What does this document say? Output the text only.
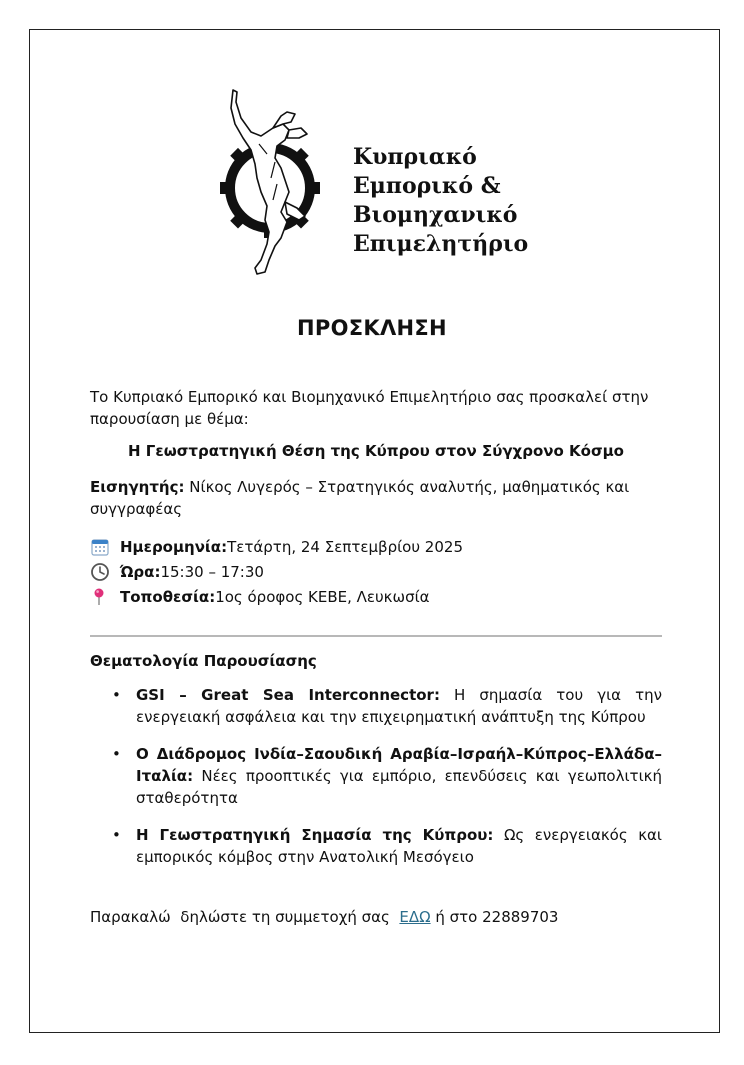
Κυπριακό
Εμπορικό &
Βιομηχανικό
Επιμελητήριο
ΠΡΟΣΚΛΗΣΗ
Το Κυπριακό Εμπορικό και Βιομηχανικό Επιμελητήριο σας προσκαλεί στην παρουσίαση με θέμα:
Η Γεωστρατηγική Θέση της Κύπρου στον Σύγχρονο Κόσμο
Εισηγητής: Νίκος Λυγερός – Στρατηγικός αναλυτής, μαθηματικός και συγγραφέας
Ημερομηνία: Τετάρτη, 24 Σεπτεμβρίου 2025
Ώρα: 15:30 – 17:30
Τοποθεσία: 1ος όροφος ΚΕΒΕ, Λευκωσία
Θεματολογία Παρουσίασης
• GSI – Great Sea Interconnector: Η σημασία του για την ενεργειακή ασφάλεια και την επιχειρηματική ανάπτυξη της Κύπρου
• Ο Διάδρομος Ινδία–Σαουδική Αραβία–Ισραήλ–Κύπρος–Ελλάδα–Ιταλία: Νέες προοπτικές για εμπόριο, επενδύσεις και γεωπολιτική σταθερότητα
• Η Γεωστρατηγική Σημασία της Κύπρου: Ως ενεργειακός και εμπορικός κόμβος στην Ανατολική Μεσόγειο
Παρακαλώ  δηλώστε τη συμμετοχή σας  ΕΔΩ ή στο 22889703
